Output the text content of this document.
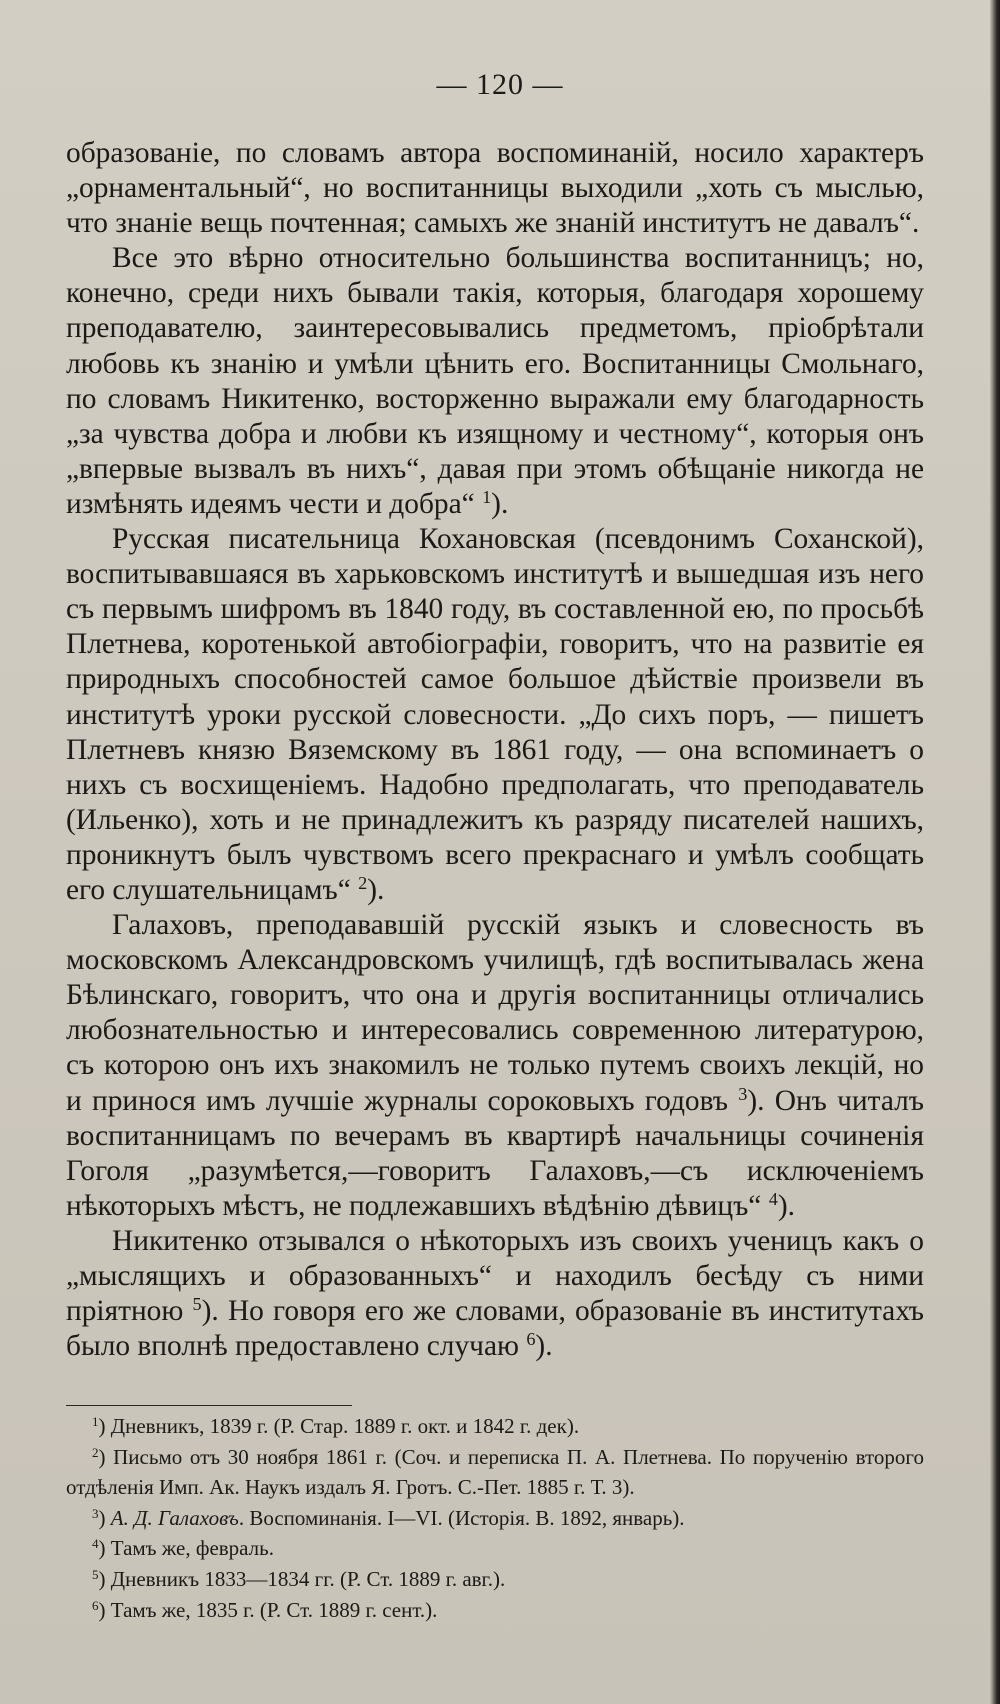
— 120 —

образованіе, по словамъ автора воспоминаній, носило характеръ „орнаментальный“, но воспитанницы выходили „хоть съ мыслью, что знаніе вещь почтенная; самыхъ же знаній институтъ не давалъ“.

Все это вѣрно относительно большинства воспитанницъ; но, конечно, среди нихъ бывали такія, которыя, благодаря хорошему преподавателю, заинтересовывались предметомъ, пріобрѣтали любовь къ знанію и умѣли цѣнить его. Воспитанницы Смольнаго, по словамъ Никитенко, восторженно выражали ему благодарность „за чувства добра и любви къ изящному и честному“, которыя онъ „впервые вызвалъ въ нихъ“, давая при этомъ обѣщаніе никогда не измѣнять идеямъ чести и добра“ $^1$).

Русская писательница Кохановская (псевдонимъ Соханской), воспитывавшаяся въ харьковскомъ институтѣ и вышедшая изъ него съ первымъ шифромъ въ 1840 году, въ составленной ею, по просьбѣ Плетнева, коротенькой автобіографіи, говоритъ, что на развитіе ея природныхъ способностей самое большое дѣйствіе произвели въ институтѣ уроки русской словесности. „До сихъ поръ, — пишетъ Плетневъ князю Вяземскому въ 1861 году, — она вспоминаетъ о нихъ съ восхищеніемъ. Надобно предполагать, что преподаватель (Ильенко), хоть и не принадлежитъ къ разряду писателей нашихъ, проникнутъ былъ чувствомъ всего прекраснаго и умѣлъ сообщать его слушательницамъ“ $^2$).

Галаховъ, преподававшій русскій языкъ и словесность въ московскомъ Александровскомъ училищѣ, гдѣ воспитывалась жена Бѣлинскаго, говоритъ, что она и другія воспитанницы отличались любознательностью и интересовались современною литературою, съ которою онъ ихъ знакомилъ не только путемъ своихъ лекцій, но и принося имъ лучшіе журналы сороковыхъ годовъ $^3$). Онъ читалъ воспитанницамъ по вечерамъ въ квартирѣ начальницы сочиненія Гоголя „разумѣется,—говоритъ Галаховъ,—съ исключеніемъ нѣкоторыхъ мѣстъ, не подлежавшихъ вѣдѣнію дѣвицъ“ $^4$).

Никитенко отзывался о нѣкоторыхъ изъ своихъ ученицъ какъ о „мыслящихъ и образованныхъ“ и находилъ бесѣду съ ними пріятною $^5$). Но говоря его же словами, образованіе въ институтахъ было вполнѣ предоставлено случаю $^6$).

$^1$) Дневникъ, 1839 г. (Р. Стар. 1889 г. окт. и 1842 г. дек).

$^2$) Письмо отъ 30 ноября 1861 г. (Соч. и переписка П. А. Плетнева. По порученію второго отдѣленія Имп. Ак. Наукъ издалъ Я. Гротъ. С.-Пет. 1885 г. Т. 3).

$^3$) А. Д. Галаховъ. Воспоминанія. I—VI. (Исторія. В. 1892, январь).

$^4$) Тамъ же, февраль.

$^5$) Дневникъ 1833—1834 гг. (Р. Ст. 1889 г. авг.).

$^6$) Тамъ же, 1835 г. (Р. Ст. 1889 г. сент.).
